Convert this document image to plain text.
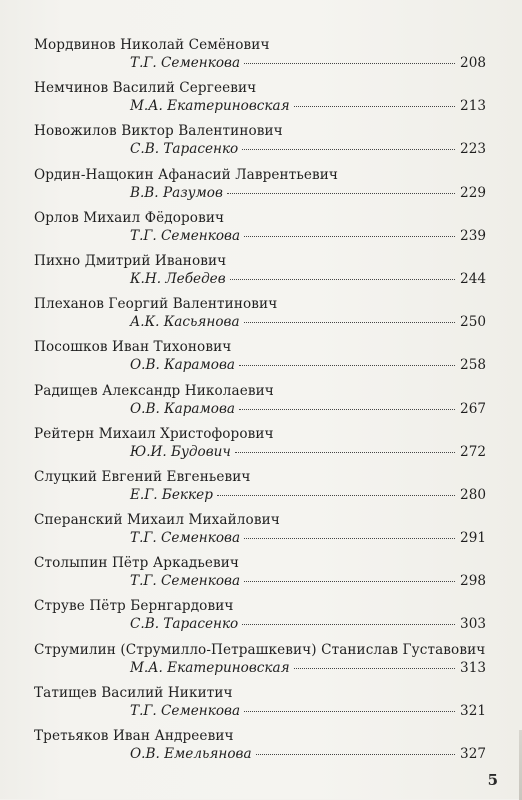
Мордвинов Николай Семёнович
Т.Г. Семенкова	208
Немчинов Василий Сергеевич
М.А. Екатериновская	213
Новожилов Виктор Валентинович
С.В. Тарасенко	223
Ордин-Нащокин Афанасий Лаврентьевич
В.В. Разумов	229
Орлов Михаил Фёдорович
Т.Г. Семенкова	239
Пихно Дмитрий Иванович
К.Н. Лебедев	244
Плеханов Георгий Валентинович
А.К. Касьянова	250
Посошков Иван Тихонович
О.В. Карамова	258
Радищев Александр Николаевич
О.В. Карамова	267
Рейтерн Михаил Христофорович
Ю.И. Будович	272
Слуцкий Евгений Евгеньевич
Е.Г. Беккер	280
Сперанский Михаил Михайлович
Т.Г. Семенкова	291
Столыпин Пётр Аркадьевич
Т.Г. Семенкова	298
Струве Пётр Бернгардович
С.В. Тарасенко	303
Струмилин (Струмилло-Петрашкевич) Станислав Густавович
М.А. Екатериновская	313
Татищев Василий Никитич
Т.Г. Семенкова	321
Третьяков Иван Андреевич
О.В. Емельянова	327
5
